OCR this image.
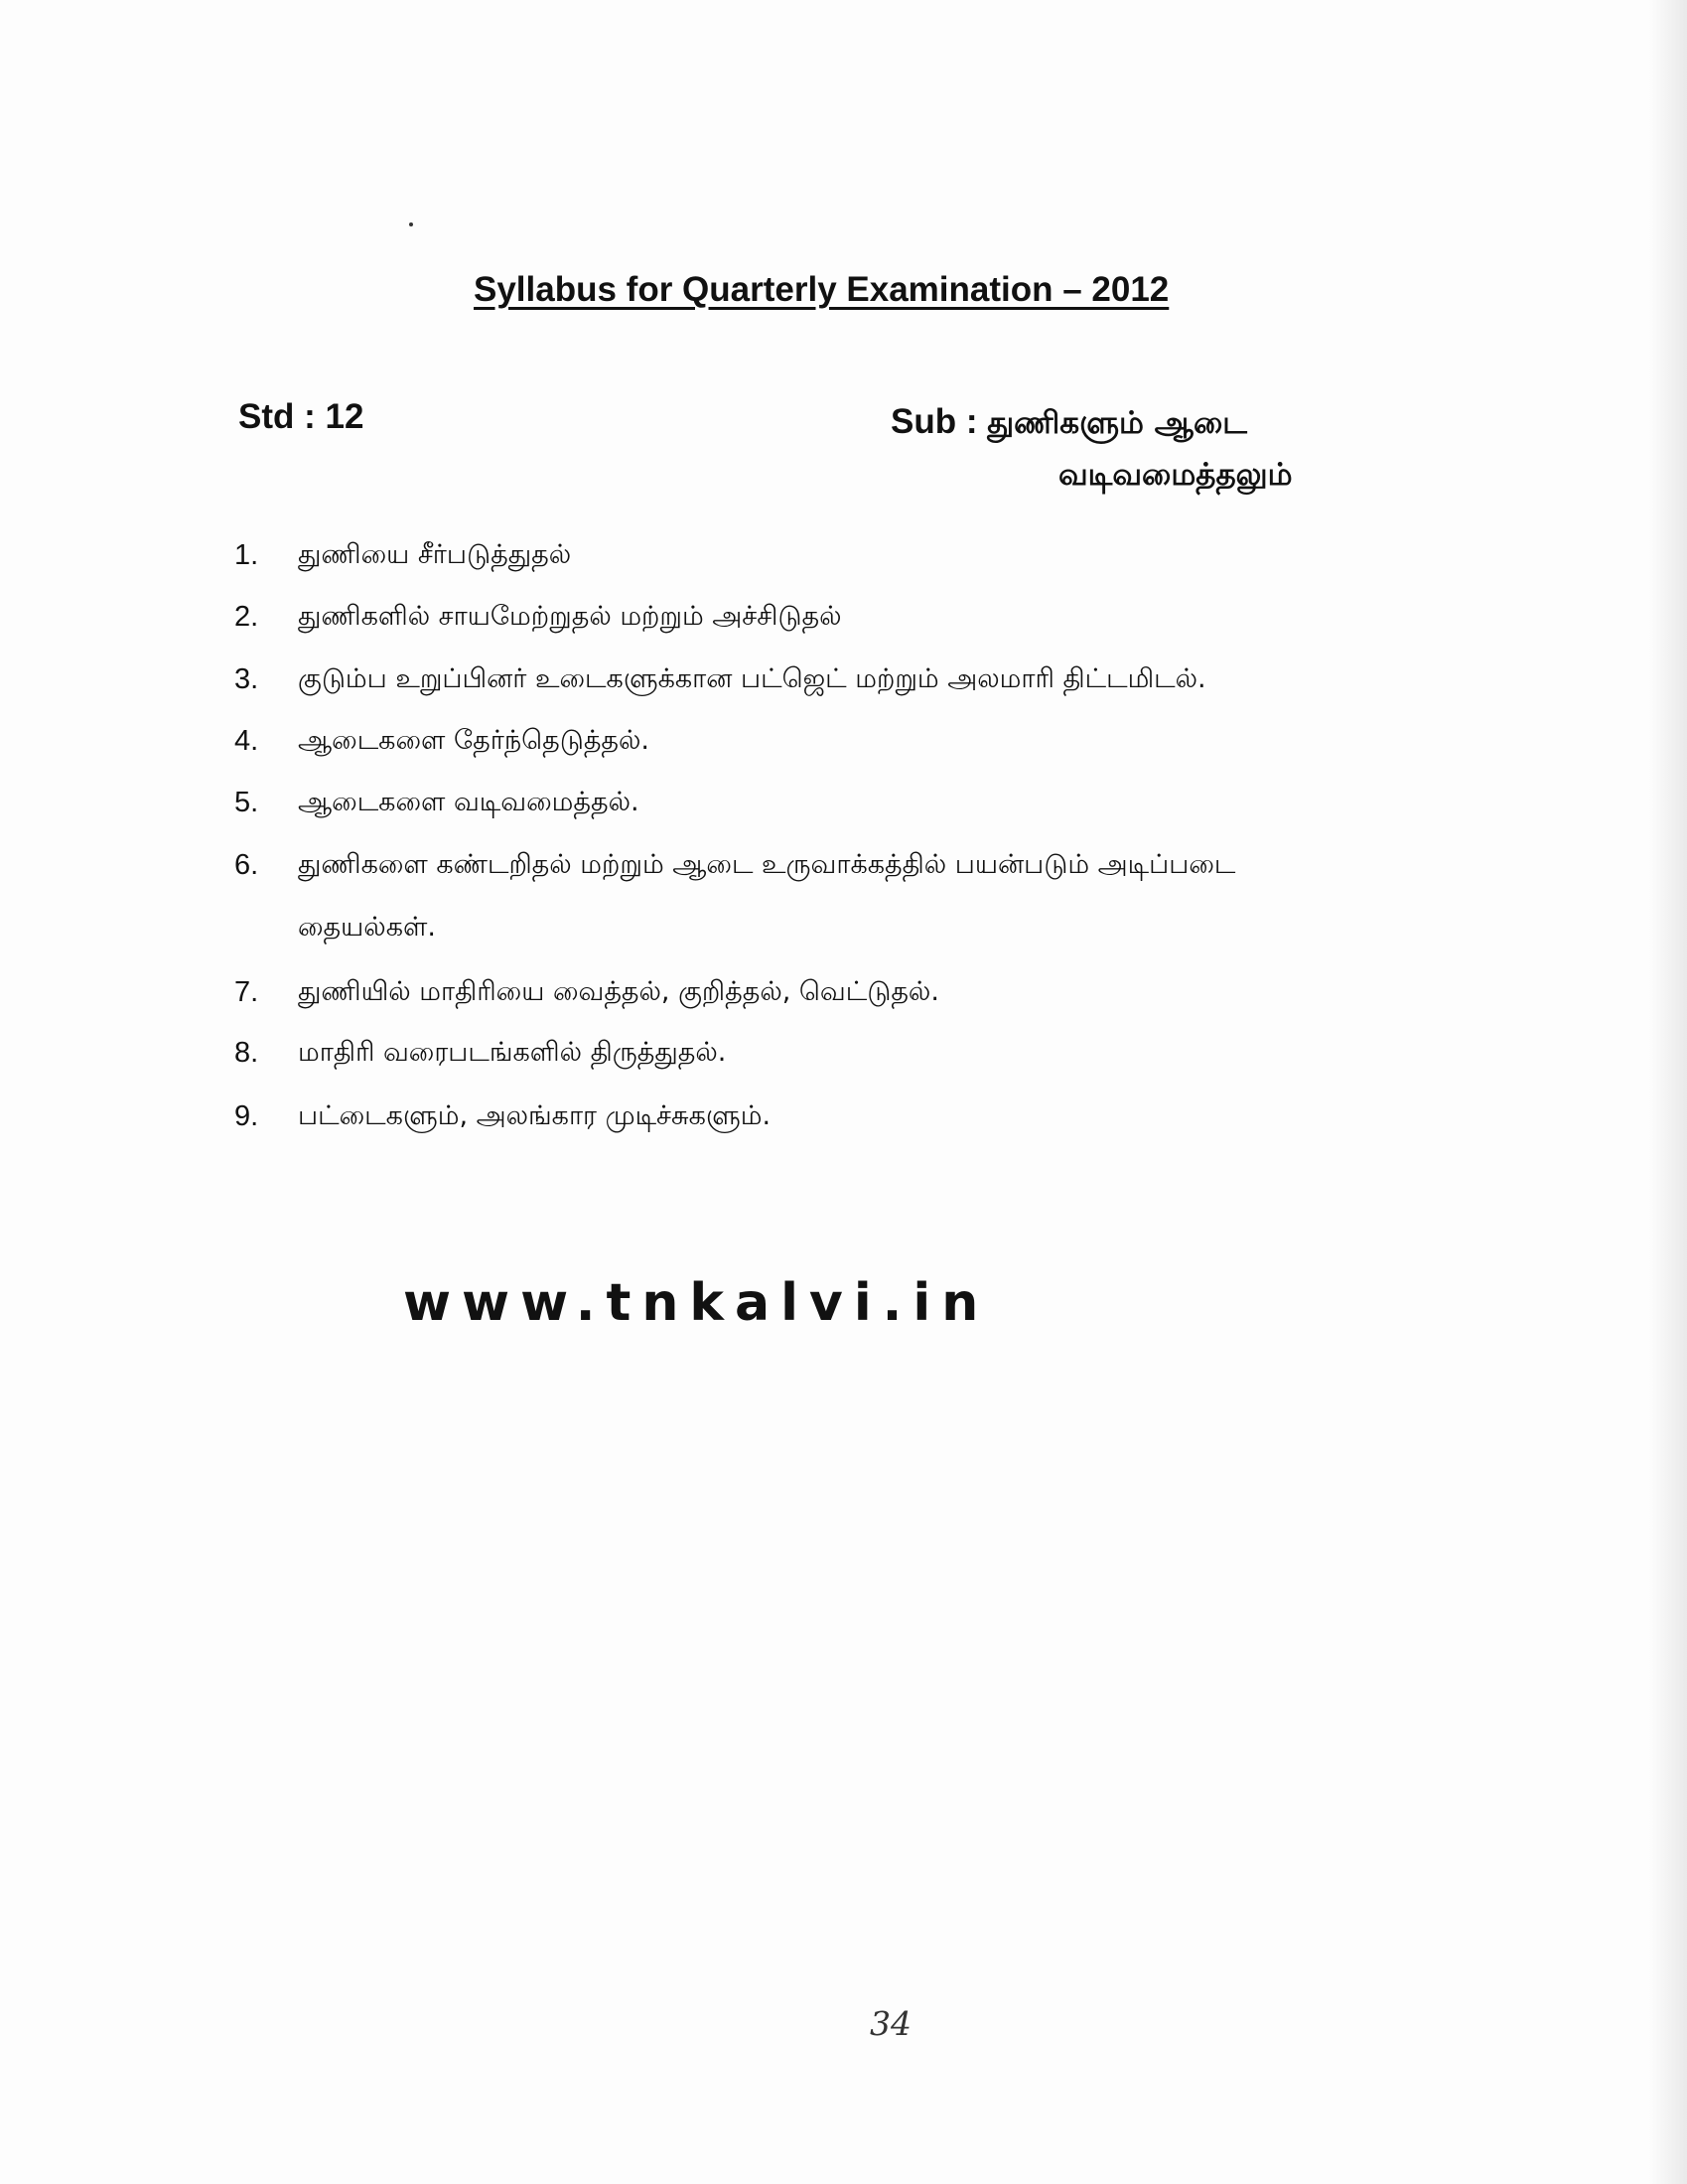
Syllabus for Quarterly Examination – 2012
Std : 12	Sub : துணிகளும் ஆடை
வடிவமைத்தலும்
1. துணியை சீர்படுத்துதல்
2. துணிகளில் சாயமேற்றுதல் மற்றும் அச்சிடுதல்
3. குடும்ப உறுப்பினர் உடைகளுக்கான பட்ஜெட் மற்றும் அலமாரி திட்டமிடல்.
4. ஆடைகளை தேர்ந்தெடுத்தல்.
5. ஆடைகளை வடிவமைத்தல்.
6. துணிகளை கண்டறிதல் மற்றும் ஆடை உருவாக்கத்தில் பயன்படும் அடிப்படை
தையல்கள்.
7. துணியில் மாதிரியை வைத்தல், குறித்தல், வெட்டுதல்.
8. மாதிரி வரைபடங்களில் திருத்துதல்.
9. பட்டைகளும், அலங்கார முடிச்சுகளும்.
www.tnkalvi.in
34
